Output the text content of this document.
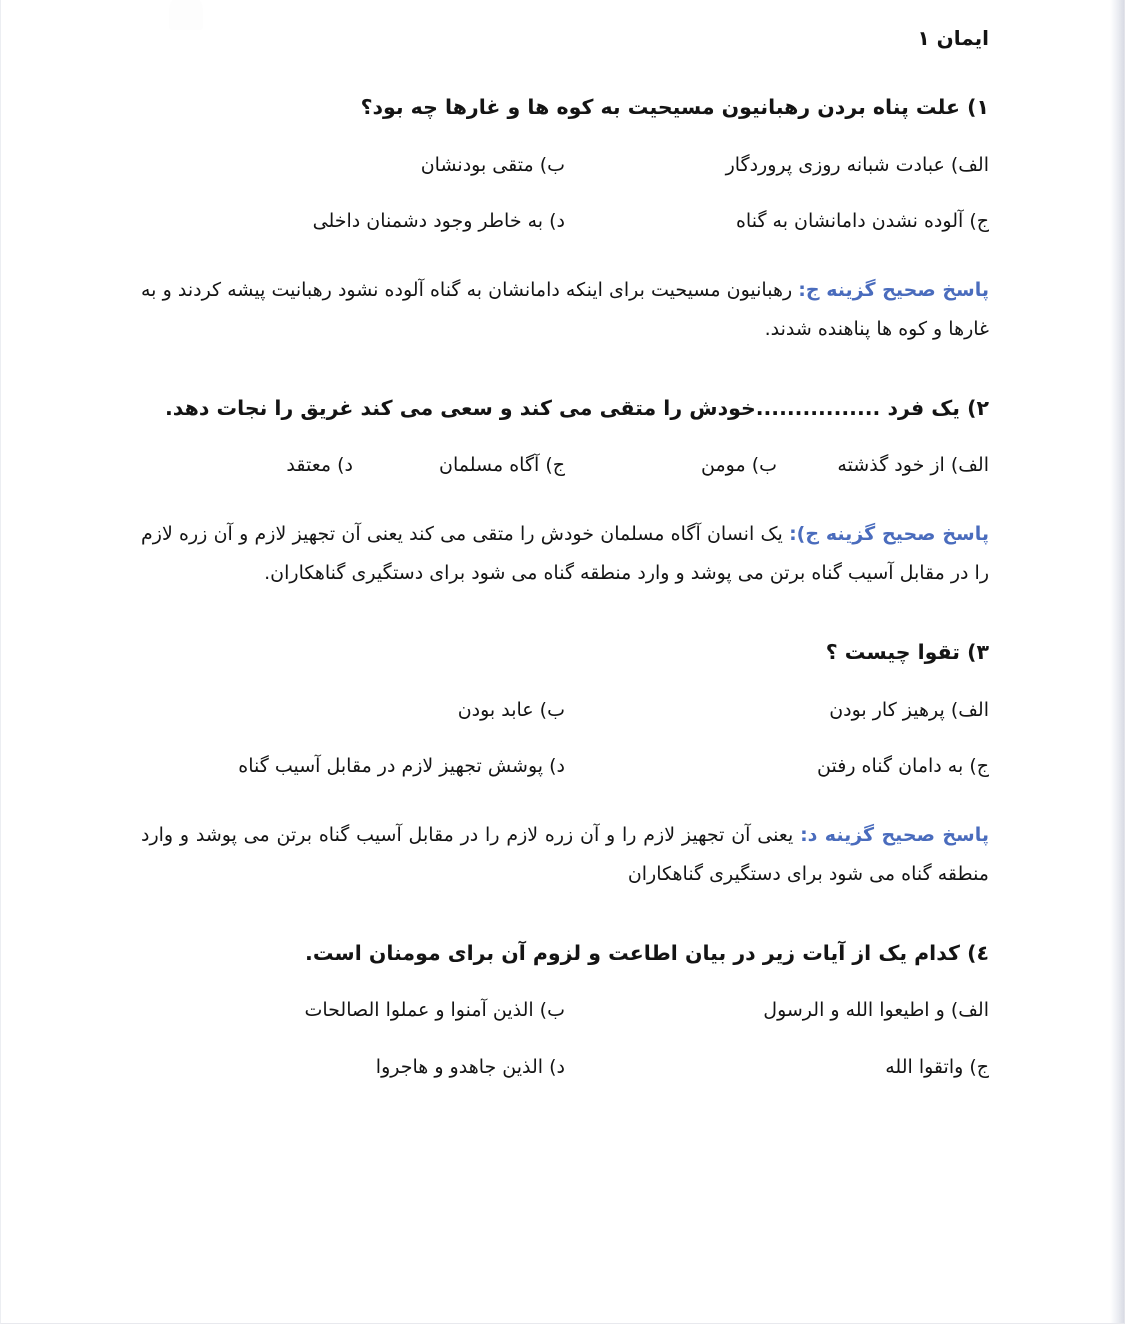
ایمان ۱
۱) علت پناه بردن رهبانیون مسیحیت به کوه ها و غارها چه بود؟
الف) عبادت شبانه روزی پروردگار
ب) متقی بودنشان
ج) آلوده نشدن دامانشان به گناه
د) به خاطر وجود دشمنان داخلی
پاسخ صحیح گزینه ج: رهبانیون مسیحیت برای اینکه دامانشان به گناه آلوده نشود رهبانیت پیشه کردند و به غارها و کوه ها پناهنده شدند.
۲) یک فرد ................خودش را متقی می کند و سعی می کند غریق را نجات دهد.
الف) از خود گذشته
ب) مومن
ج) آگاه مسلمان
د) معتقد
پاسخ صحیح گزینه ج): یک انسان آگاه مسلمان خودش را متقی می کند یعنی آن تجهیز لازم و آن زره لازم را در مقابل آسیب گناه برتن می پوشد و وارد منطقه گناه می شود برای دستگیری گناهکاران.
۳) تقوا چیست ؟
الف) پرهیز کار بودن
ب) عابد بودن
ج) به دامان گناه رفتن
د) پوشش تجهیز لازم در مقابل آسیب گناه
پاسخ صحیح گزینه د: یعنی آن تجهیز لازم را و آن زره لازم را در مقابل آسیب گناه برتن می پوشد و وارد منطقه گناه می شود برای دستگیری گناهکاران
٤) کدام یک از آیات زیر در بیان اطاعت و لزوم آن برای مومنان است.
الف) و اطیعوا الله و الرسول
ب) الذین آمنوا و عملوا الصالحات
ج) واتقوا الله
د) الذین جاهدو و هاجروا
